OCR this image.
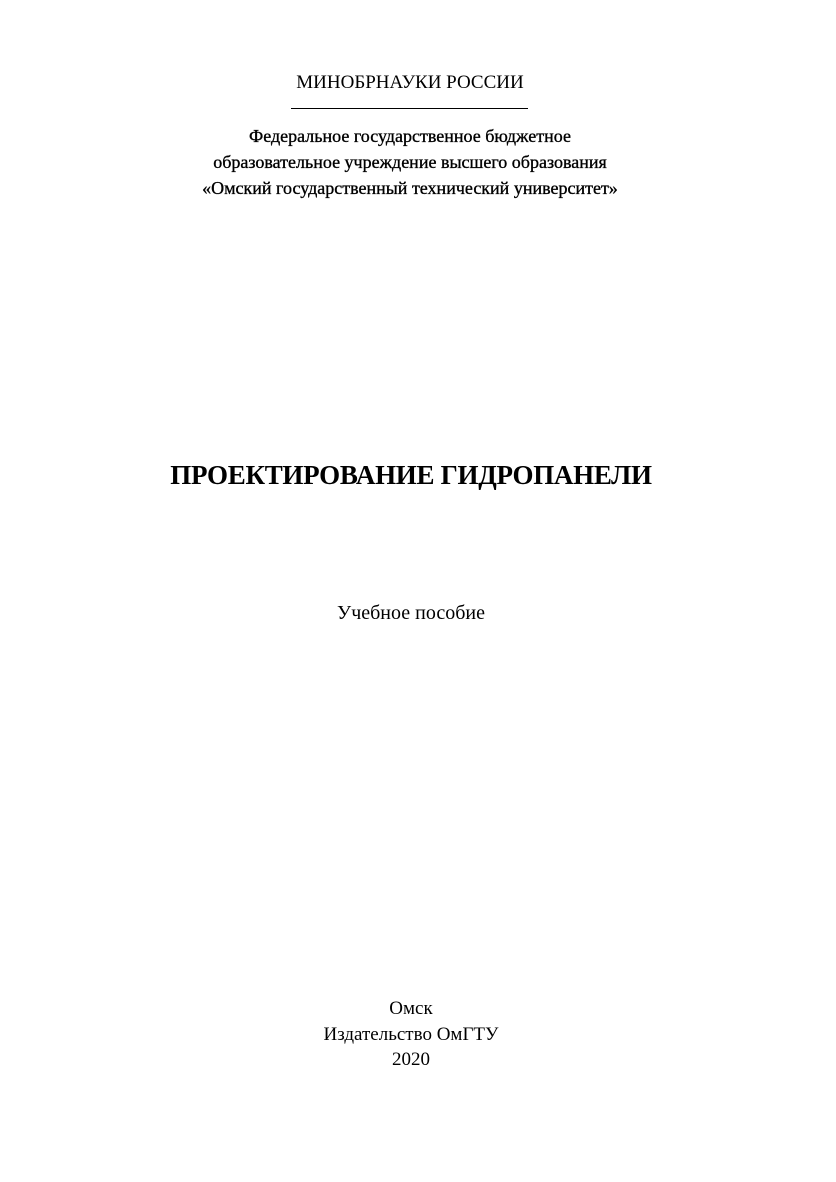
МИНОБРНАУКИ РОССИИ
Федеральное государственное бюджетное
образовательное учреждение высшего образования
«Омский государственный технический университет»
ПРОЕКТИРОВАНИЕ ГИДРОПАНЕЛИ
Учебное пособие
Омск
Издательство ОмГТУ
2020
